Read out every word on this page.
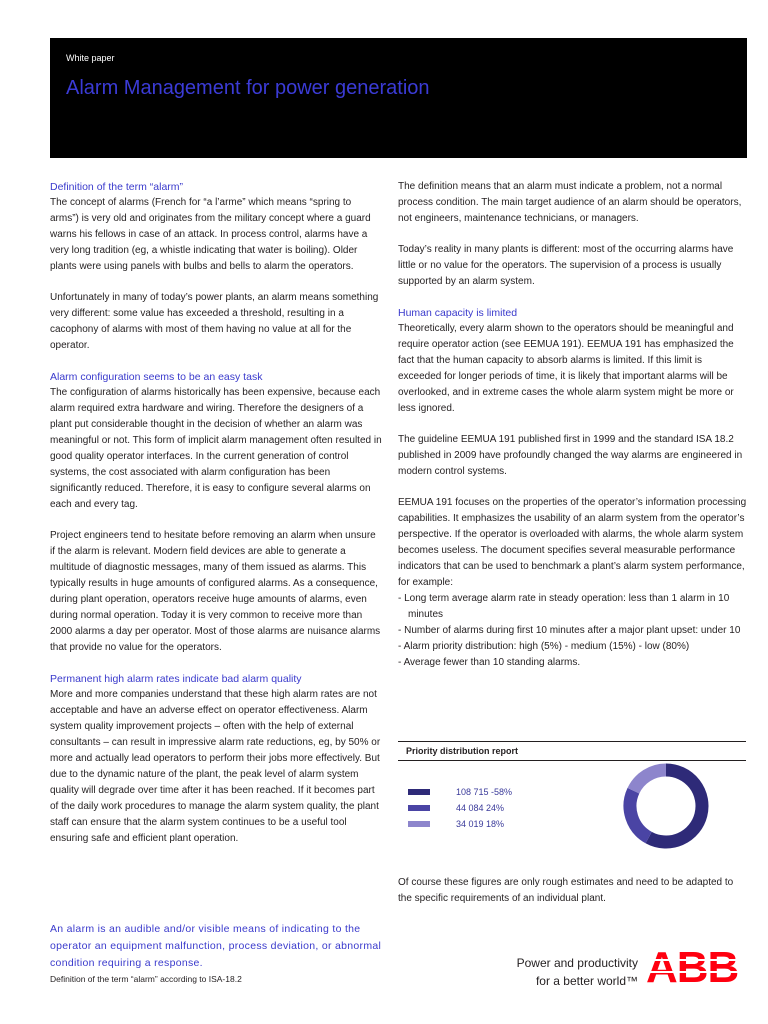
White paper
Alarm Management for power generation
Definition of the term “alarm”

The concept of alarms (French for “a l’arme” which means “spring to arms”) is very old and originates from the military concept where a guard warns his fellows in case of an attack. In process control, alarms have a very long tradition (eg, a whistle indicating that water is boiling). Older plants were using panels with bulbs and bells to alarm the operators.

Unfortunately in many of today’s power plants, an alarm means something very different: some value has exceeded a threshold, resulting in a cacophony of alarms with most of them having no value at all for the operator.

Alarm configuration seems to be an easy task

The configuration of alarms historically has been expensive, because each alarm required extra hardware and wiring. Therefore the designers of a plant put considerable thought in the decision of whether an alarm was meaningful or not. This form of implicit alarm management often resulted in good quality operator interfaces. In the current generation of control systems, the cost associated with alarm configuration has been significantly reduced. Therefore, it is easy to configure several alarms on each and every tag.

Project engineers tend to hesitate before removing an alarm when unsure if the alarm is relevant. Modern field devices are able to generate a multitude of diagnostic messages, many of them issued as alarms. This typically results in huge amounts of configured alarms. As a consequence, during plant operation, operators receive huge amounts of alarms, even during normal operation. Today it is very common to receive more than 2000 alarms a day per operator. Most of those alarms are nuisance alarms that provide no value for the operators.

Permanent high alarm rates indicate bad alarm quality

More and more companies understand that these high alarm rates are not acceptable and have an adverse effect on operator effectiveness. Alarm system quality improvement projects – often with the help of external consultants – can result in impressive alarm rate reductions, eg, by 50% or more and actually lead operators to perform their jobs more effectively. But due to the dynamic nature of the plant, the peak level of alarm system quality will degrade over time after it has been reached. If it becomes part of the daily work procedures to manage the alarm system quality, the plant staff can ensure that the alarm system continues to be a useful tool ensuring safe and efficient plant operation.

An alarm is an audible and/or visible means of indicating to the operator an equipment malfunction, process deviation, or abnormal condition requiring a response.
Definition of the term “alarm” according to ISA-18.2

The definition means that an alarm must indicate a problem, not a normal process condition. The main target audience of an alarm should be operators, not engineers, maintenance technicians, or managers.

Today’s reality in many plants is different: most of the occurring alarms have little or no value for the operators. The supervision of a process is usually supported by an alarm system.

Human capacity is limited

Theoretically, every alarm shown to the operators should be meaningful and require operator action (see EEMUA 191). EEMUA 191 has emphasized the fact that the human capacity to absorb alarms is limited. If this limit is exceeded for longer periods of time, it is likely that important alarms will be overlooked, and in extreme cases the whole alarm system might be more or less ignored.

The guideline EEMUA 191 published first in 1999 and the standard ISA 18.2 published in 2009 have profoundly changed the way alarms are engineered in modern control systems.

EEMUA 191 focuses on the properties of the operator’s information processing capabilities. It emphasizes the usability of an alarm system from the operator’s perspective. If the operator is overloaded with alarms, the whole alarm system becomes useless. The document specifies several measurable performance indicators that can be used to benchmark a plant’s alarm system performance, for example:

- Long term average alarm rate in steady operation: less than 1 alarm in 10 minutes
- Number of alarms during first 10 minutes after a major plant upset: under 10
- Alarm priority distribution: high (5%) - medium (15%) - low (80%)
- Average fewer than 10 standing alarms.
Priority distribution report
108 715 -58%
44 084 24%
34 019 18%
Of course these figures are only rough estimates and need to be adapted to the specific requirements of an individual plant.
Power and productivity
for a better world™ ABB
